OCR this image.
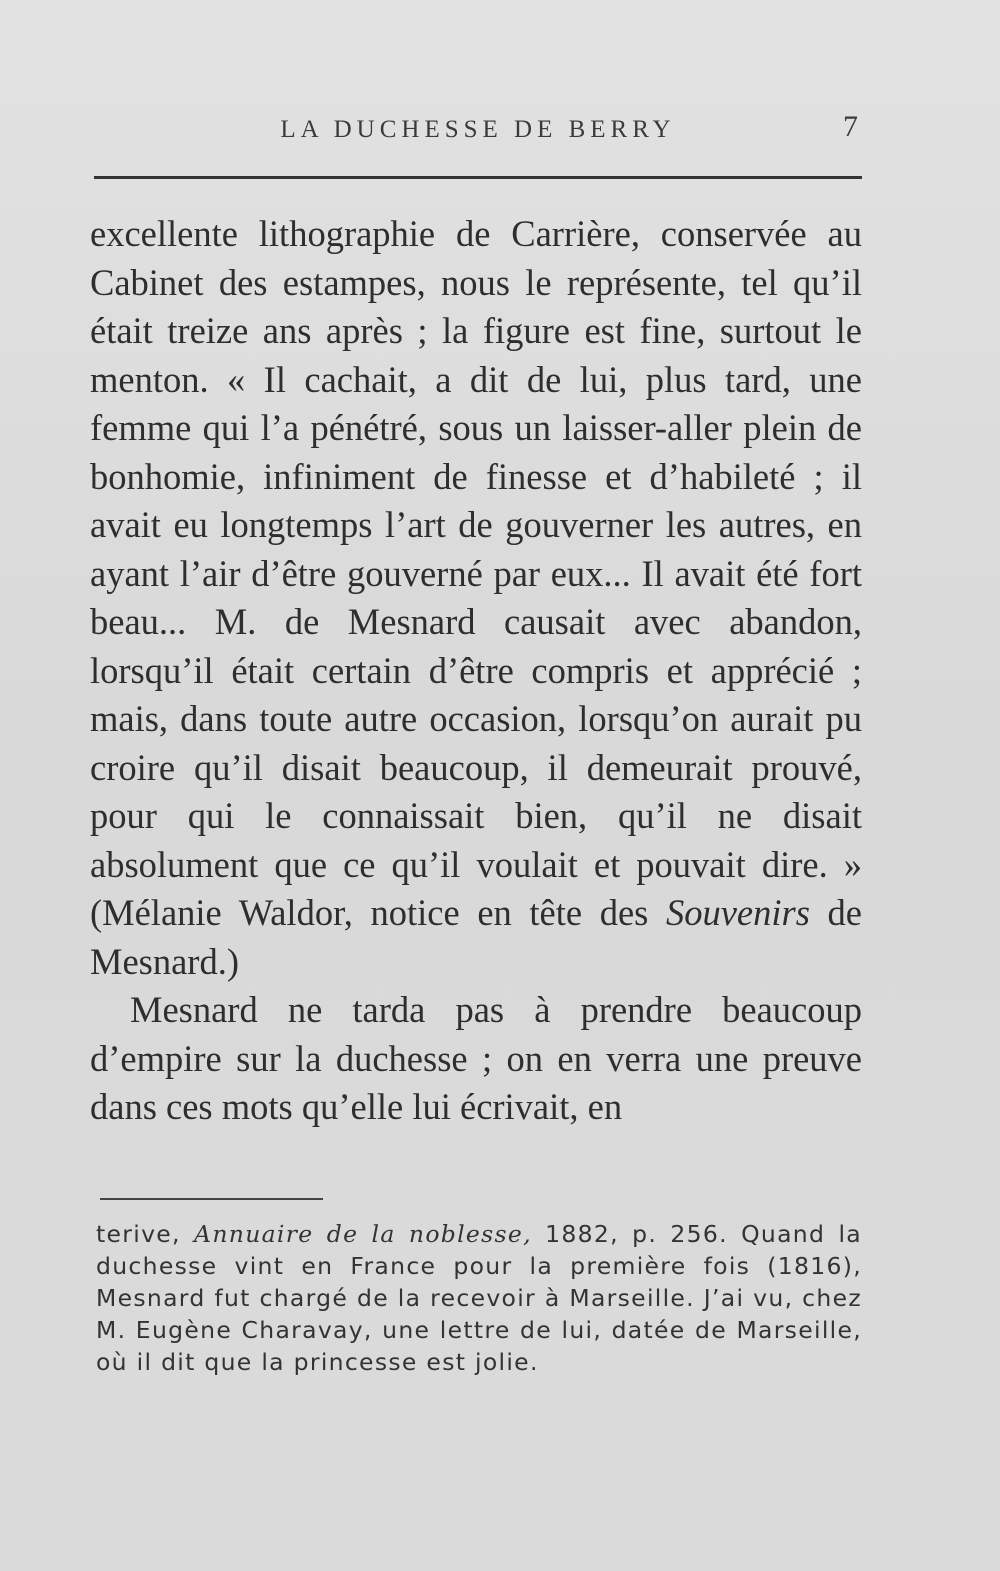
LA DUCHESSE DE BERRY	7

excellente lithographie de Carrière, conservée au Cabinet des estampes, nous le représente, tel qu’il était treize ans après ; la figure est fine, surtout le menton. « Il cachait, a dit de lui, plus tard, une femme qui l’a pénétré, sous un laisser-aller plein de bonhomie, infiniment de finesse et d’habileté ; il avait eu longtemps l’art de gouverner les autres, en ayant l’air d’être gouverné par eux... Il avait été fort beau... M. de Mesnard causait avec abandon, lorsqu’il était certain d’être compris et apprécié ; mais, dans toute autre occasion, lorsqu’on aurait pu croire qu’il disait beaucoup, il demeurait prouvé, pour qui le connaissait bien, qu’il ne disait absolument que ce qu’il voulait et pouvait dire. » (Mélanie Waldor, notice en tête des Souvenirs de Mesnard.)

Mesnard ne tarda pas à prendre beaucoup d’empire sur la duchesse ; on en verra une preuve dans ces mots qu’elle lui écrivait, en

terive, Annuaire de la noblesse, 1882, p. 256. Quand la duchesse vint en France pour la première fois (1816), Mesnard fut chargé de la recevoir à Marseille. J’ai vu, chez M. Eugène Charavay, une lettre de lui, datée de Marseille, où il dit que la princesse est jolie.
